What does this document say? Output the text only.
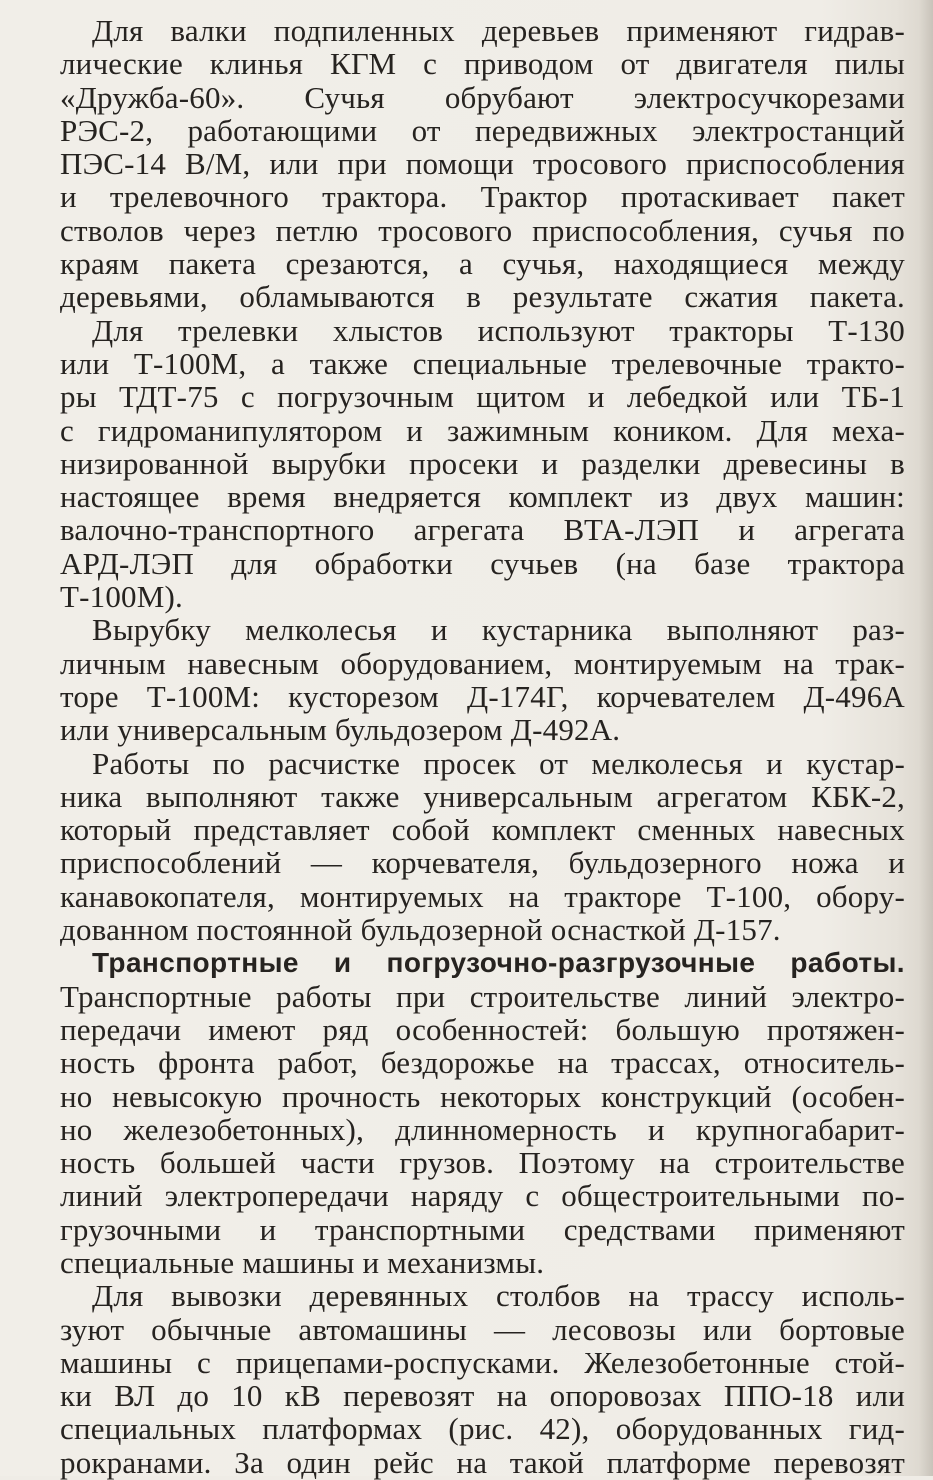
Для валки подпиленных деревьев применяют гидрав-
лические клинья КГМ с приводом от двигателя пилы
«Дружба-60». Сучья обрубают электросучкорезами
РЭС-2, работающими от передвижных электростанций
ПЭС-14 В/М, или при помощи тросового приспособления
и трелевочного трактора. Трактор протаскивает пакет
стволов через петлю тросового приспособления, сучья по
краям пакета срезаются, а сучья, находящиеся между
деревьями, обламываются в результате сжатия пакета.

Для трелевки хлыстов используют тракторы Т-130
или Т-100М, а также специальные трелевочные тракто-
ры ТДТ-75 с погрузочным щитом и лебедкой или ТБ-1
с гидроманипулятором и зажимным коником. Для меха-
низированной вырубки просеки и разделки древесины в
настоящее время внедряется комплект из двух машин:
валочно-транспортного агрегата ВТА-ЛЭП и агрегата
АРД-ЛЭП для обработки сучьев (на базе трактора
Т-100М).

Вырубку мелколесья и кустарника выполняют раз-
личным навесным оборудованием, монтируемым на трак-
торе Т-100М: кусторезом Д-174Г, корчевателем Д-496А
или универсальным бульдозером Д-492А.

Работы по расчистке просек от мелколесья и кустар-
ника выполняют также универсальным агрегатом КБК-2,
который представляет собой комплект сменных навесных
приспособлений — корчевателя, бульдозерного ножа и
канавокопателя, монтируемых на тракторе Т-100, обору-
дованном постоянной бульдозерной оснасткой Д-157.

Транспортные и погрузочно-разгрузочные работы.
Транспортные работы при строительстве линий электро-
передачи имеют ряд особенностей: большую протяжен-
ность фронта работ, бездорожье на трассах, относитель-
но невысокую прочность некоторых конструкций (особен-
но железобетонных), длинномерность и крупногабарит-
ность большей части грузов. Поэтому на строительстве
линий электропередачи наряду с общестроительными по-
грузочными и транспортными средствами применяют
специальные машины и механизмы.

Для вывозки деревянных столбов на трассу исполь-
зуют обычные автомашины — лесовозы или бортовые
машины с прицепами-роспусками. Железобетонные стой-
ки ВЛ до 10 кВ перевозят на опоровозах ППО-18 или
специальных платформах (рис. 42), оборудованных гид-
рокранами. За один рейс на такой платформе перевозят
